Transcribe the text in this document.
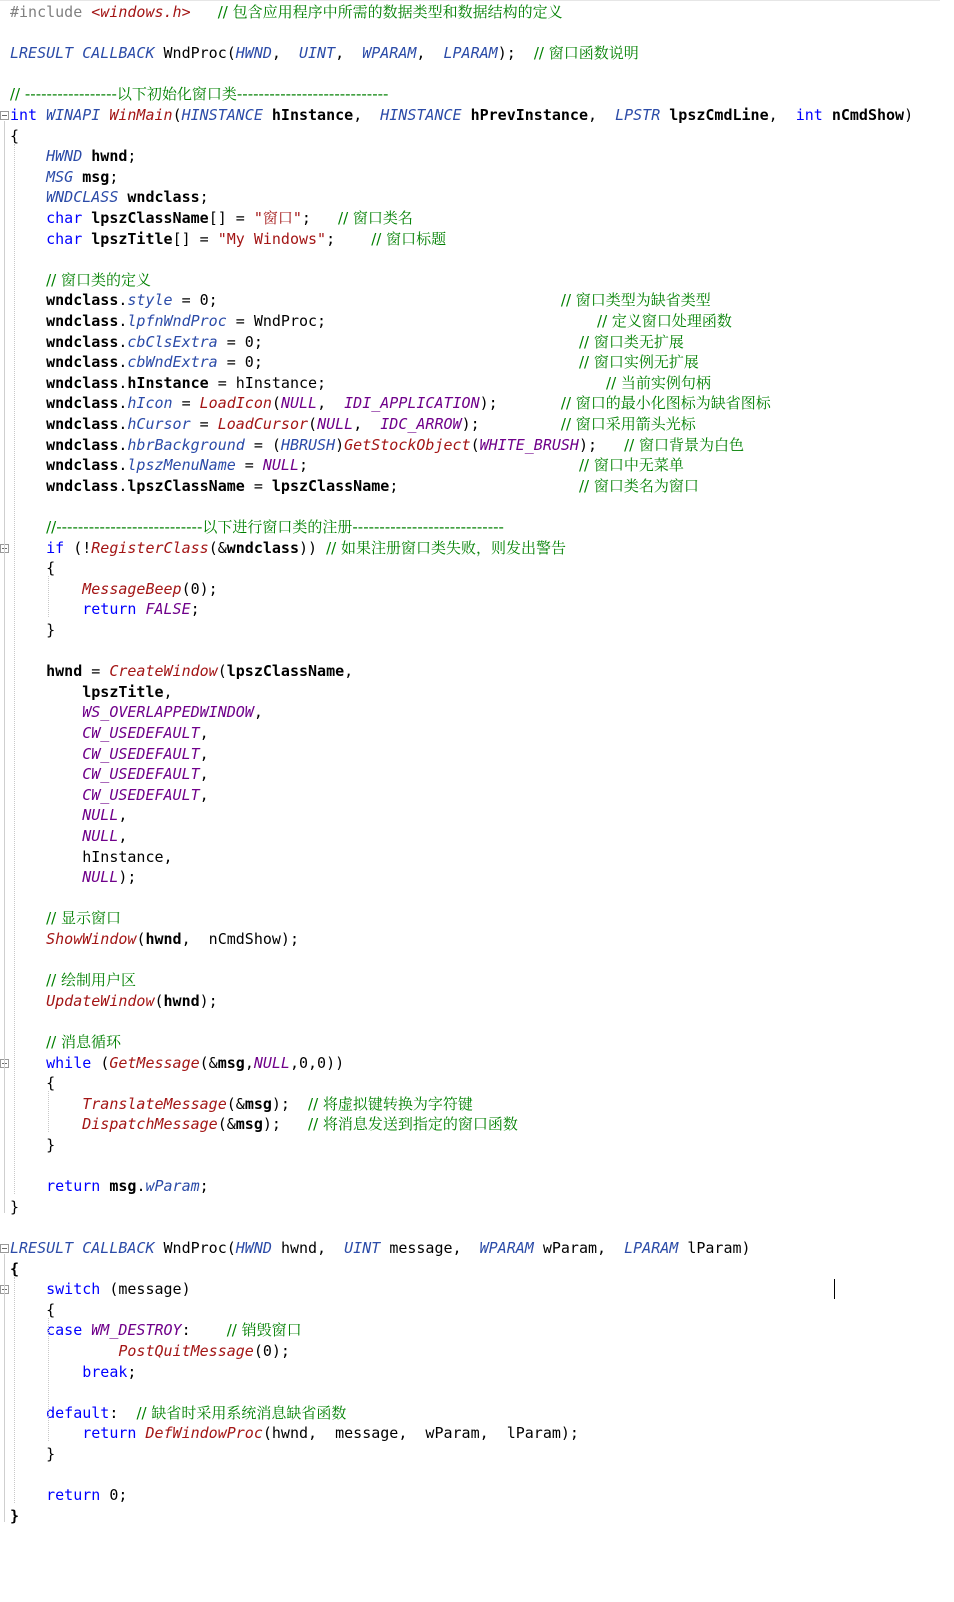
#include <windows.h> // 包含应用程序中所需的数据类型和数据结构的定义
LRESULT CALLBACK WndProc(HWND,  UINT,  WPARAM,  LPARAM);  // 窗口函数说明
// -----------------以下初始化窗口类----------------------------
int WINAPI WinMain(HINSTANCE hInstance,  HINSTANCE hPrevInstance,  LPSTR lpszCmdLine,  int nCmdShow)
{
HWND hwnd;
MSG msg;
WNDCLASS wndclass;
char lpszClassName[] = "窗口";   // 窗口类名
char lpszTitle[] = "My Windows";    // 窗口标题
// 窗口类的定义
wndclass.style = 0;                                      // 窗口类型为缺省类型
wndclass.lpfnWndProc = WndProc;                              // 定义窗口处理函数
wndclass.cbClsExtra = 0;                                   // 窗口类无扩展
wndclass.cbWndExtra = 0;                                   // 窗口实例无扩展
wndclass.hInstance = hInstance;                               // 当前实例句柄
wndclass.hIcon = LoadIcon(NULL,  IDI_APPLICATION);       // 窗口的最小化图标为缺省图标
wndclass.hCursor = LoadCursor(NULL,  IDC_ARROW);         // 窗口采用箭头光标
wndclass.hbrBackground = (HBRUSH)GetStockObject(WHITE_BRUSH);   // 窗口背景为白色
wndclass.lpszMenuName = NULL;                              // 窗口中无菜单
wndclass.lpszClassName = lpszClassName;                    // 窗口类名为窗口
//---------------------------以下进行窗口类的注册----------------------------
if (!RegisterClass(&wndclass)) // 如果注册窗口类失败，则发出警告
{
MessageBeep(0);
return FALSE;
}
hwnd = CreateWindow(lpszClassName,
lpszTitle,
WS_OVERLAPPEDWINDOW,
CW_USEDEFAULT,
CW_USEDEFAULT,
CW_USEDEFAULT,
CW_USEDEFAULT,
NULL,
NULL,
hInstance,
NULL);
// 显示窗口
ShowWindow(hwnd,  nCmdShow);
// 绘制用户区
UpdateWindow(hwnd);
// 消息循环
while (GetMessage(&msg,NULL,0,0))
{
TranslateMessage(&msg);  // 将虚拟键转换为字符键
DispatchMessage(&msg);   // 将消息发送到指定的窗口函数
}
return msg.wParam;
}
LRESULT CALLBACK WndProc(HWND hwnd,  UINT message,  WPARAM wParam,  LPARAM lParam)
{
switch (message)
{
case WM_DESTROY:    // 销毁窗口
PostQuitMessage(0);
break;
default:  // 缺省时采用系统消息缺省函数
return DefWindowProc(hwnd,  message,  wParam,  lParam);
}
return 0;
}
